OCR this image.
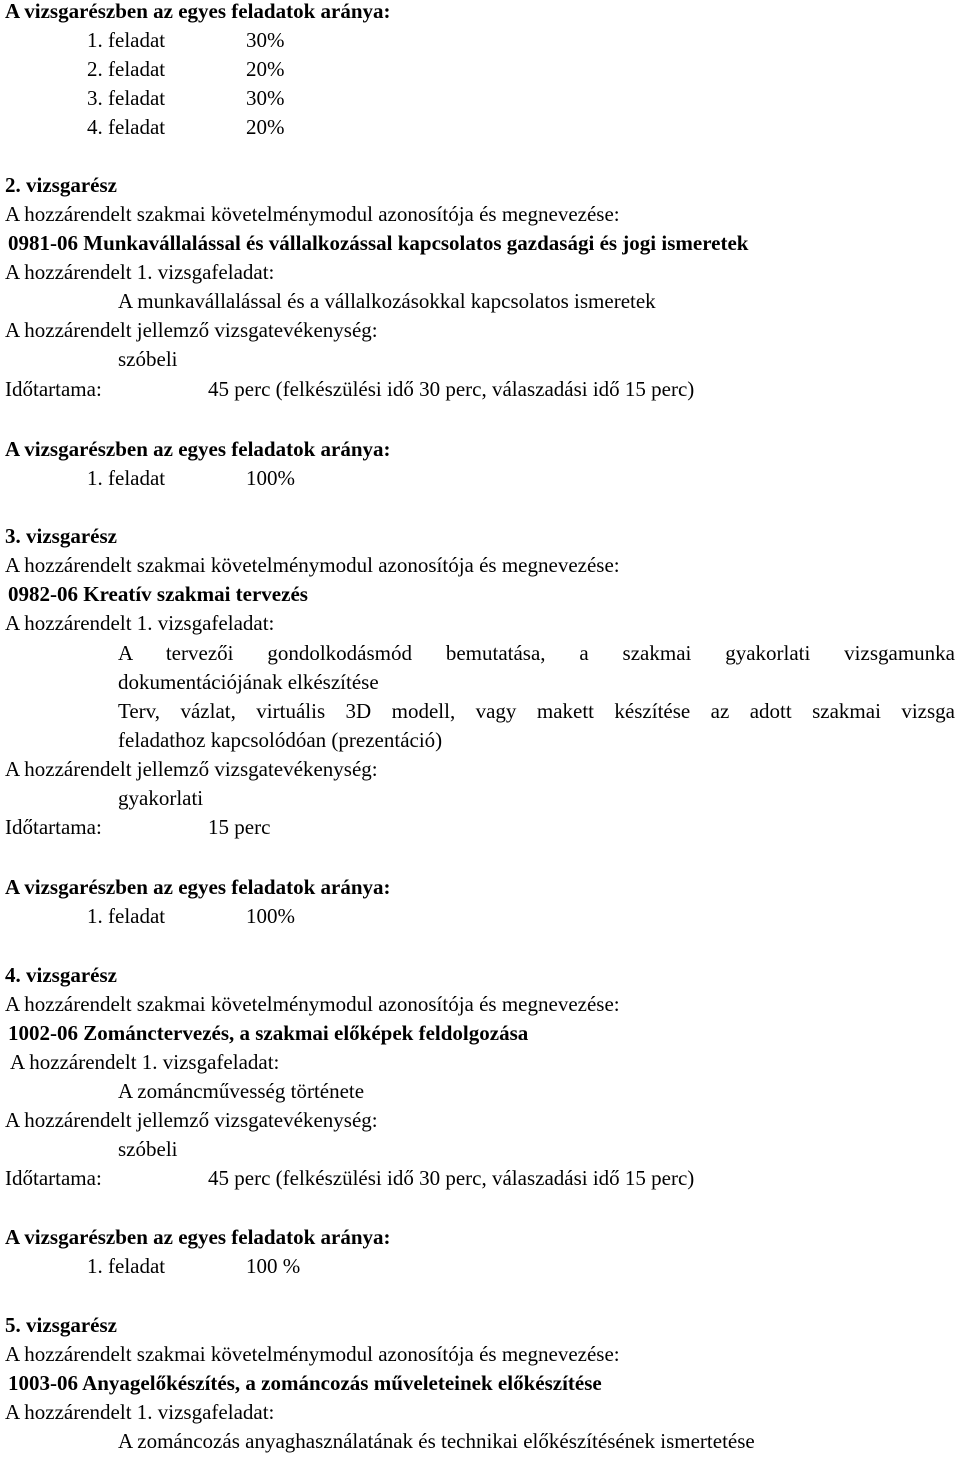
A vizsgarészben az egyes feladatok aránya:
1. feladat	30%
2. feladat	20%
3. feladat	30%
4. feladat	20%
2. vizsgarész
A hozzárendelt szakmai követelménymodul azonosítója és megnevezése:
0981-06 Munkavállalással és vállalkozással kapcsolatos gazdasági és jogi ismeretek
A hozzárendelt 1. vizsgafeladat:
A munkavállalással és a vállalkozásokkal kapcsolatos ismeretek
A hozzárendelt jellemző vizsgatevékenység:
szóbeli
Időtartama:	45 perc (felkészülési idő 30 perc, válaszadási idő 15 perc)
A vizsgarészben az egyes feladatok aránya:
1. feladat	100%
3. vizsgarész
A hozzárendelt szakmai követelménymodul azonosítója és megnevezése:
0982-06 Kreatív szakmai tervezés
A hozzárendelt 1. vizsgafeladat:
A tervezői gondolkodásmód bemutatása, a szakmai gyakorlati vizsgamunka
dokumentációjának elkészítése
Terv, vázlat, virtuális 3D modell, vagy makett készítése az adott szakmai vizsga
feladathoz kapcsolódóan (prezentáció)
A hozzárendelt jellemző vizsgatevékenység:
gyakorlati
Időtartama:	15 perc
A vizsgarészben az egyes feladatok aránya:
1. feladat	100%
4. vizsgarész
A hozzárendelt szakmai követelménymodul azonosítója és megnevezése:
1002-06 Zománctervezés, a szakmai előképek feldolgozása
A hozzárendelt 1. vizsgafeladat:
A zománcművesség története
A hozzárendelt jellemző vizsgatevékenység:
szóbeli
Időtartama:	45 perc (felkészülési idő 30 perc, válaszadási idő 15 perc)
A vizsgarészben az egyes feladatok aránya:
1. feladat	100 %
5. vizsgarész
A hozzárendelt szakmai követelménymodul azonosítója és megnevezése:
1003-06 Anyagelőkészítés, a zománcozás műveleteinek előkészítése
A hozzárendelt 1. vizsgafeladat:
A zománcozás anyaghasználatának és technikai előkészítésének ismertetése
